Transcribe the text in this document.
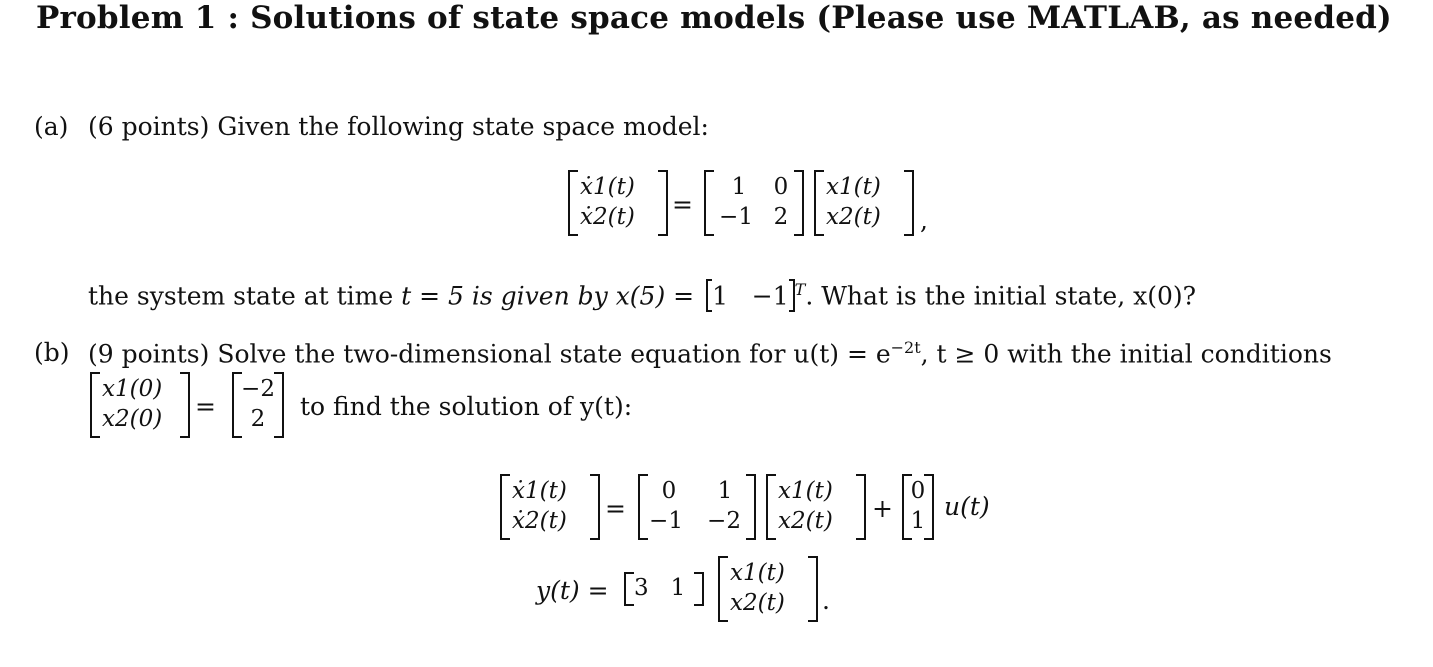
Problem 1 : Solutions of state space models (Please use MATLAB, as needed)
(a) (6 points) Given the following state space model:
ẋ1(t)
ẋ2(t) =
1	0
−1 2
x1(t)
x2(t) ,
the system state at time t = 5 is given by x(5) = 1   −1 $^T$. What is the initial state, x(0)?
(b) (9 points) Solve the two-dimensional state equation for $u(t) = e^{-2t}$, t ≥ 0 with the initial conditions
x1(0)
x2(0) =
−2
2	to find the solution of y(t):
ẋ1(t)
ẋ2(t) =
0	1
−1 −2
x1(t)
x2(t) +
0
1 u(t)
y(t) = 3   1
x1(t)
x2(t) .
